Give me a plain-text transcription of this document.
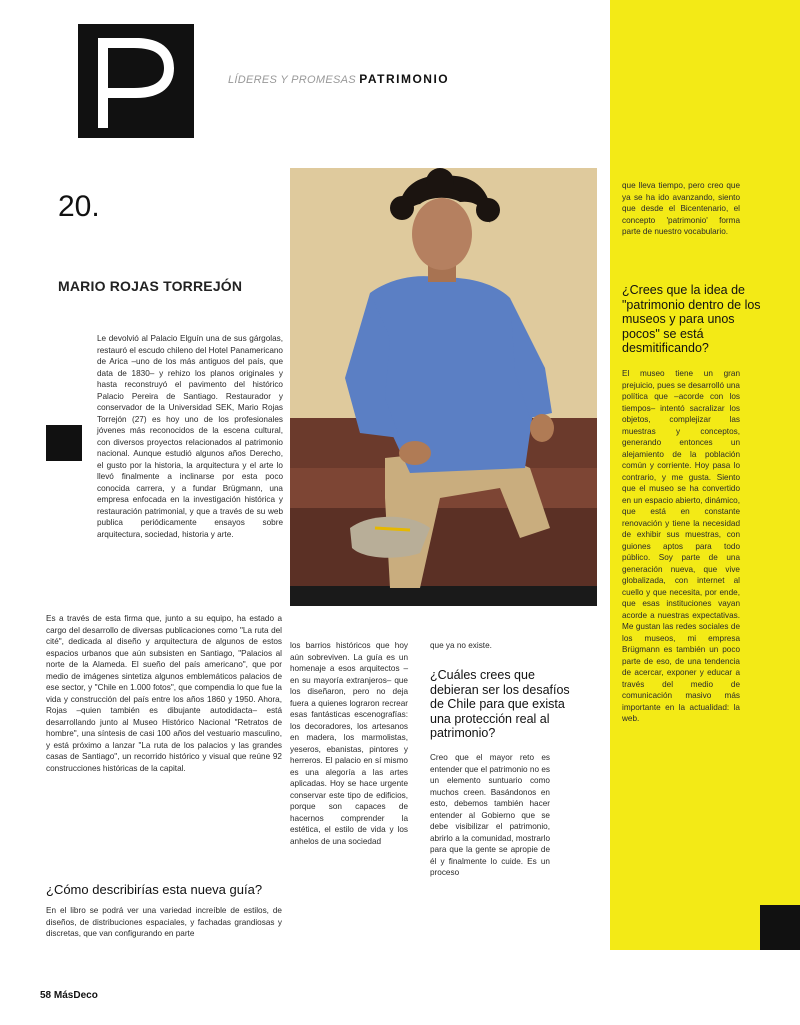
LÍDERES Y PROMESAS PATRIMONIO
20.
MARIO ROJAS TORREJÓN

Le devolvió al Palacio Elguín una de sus gárgolas, restauró el escudo chileno del Hotel Panamericano de Arica –uno de los más antiguos del país, que data de 1830– y rehizo los planos originales y hasta reconstruyó el pavimento del histórico Palacio Pereira de Santiago. Restaurador y conservador de la Universidad SEK, Mario Rojas Torrejón (27) es hoy uno de los profesionales jóvenes más reconocidos de la escena cultural, con diversos proyectos relacionados al patrimonio nacional. Aunque estudió algunos años Derecho, el gusto por la historia, la arquitectura y el arte lo llevó finalmente a inclinarse por esta poco conocida carrera, y a fundar Brügmann, una empresa enfocada en la investigación histórica y restauración patrimonial, y que a través de su web publica periódicamente ensayos sobre arquitectura, sociedad, historia y arte.

Es a través de esta firma que, junto a su equipo, ha estado a cargo del desarrollo de diversas publicaciones como "La ruta del cité", dedicada al diseño y arquitectura de algunos de estos espacios urbanos que aún subsisten en Santiago, "Palacios al norte de la Alameda. El sueño del país americano", que por medio de imágenes sintetiza algunos emblemáticos palacios de ese sector, y "Chile en 1.000 fotos", que compendia lo que fue la vida y construcción del país entre los años 1860 y 1950. Ahora, Rojas –quien también es dibujante autodidacta– está desarrollando junto al Museo Histórico Nacional "Retratos de hombre", una síntesis de casi 100 años del vestuario masculino, y está próximo a lanzar "La ruta de los palacios y las grandes casas de Santiago", un recorrido histórico y visual que reúne 92 construcciones históricas de la capital.

¿Cómo describirías esta nueva guía?

En el libro se podrá ver una variedad increíble de estilos, de diseños, de distribuciones espaciales, y fachadas grandiosas y discretas, que van configurando en parte

los barrios históricos que hoy aún sobreviven. La guía es un homenaje a esos arquitectos –en su mayoría extranjeros– que los diseñaron, pero no deja fuera a quienes lograron recrear esas fantásticas escenografías: los decoradores, los artesanos en madera, los marmolistas, yeseros, ebanistas, pintores y herreros. El palacio en sí mismo es una alegoría a las artes aplicadas. Hoy se hace urgente conservar este tipo de edificios, porque son capaces de hacernos comprender la estética, el estilo de vida y los anhelos de una sociedad

que ya no existe.

¿Cuáles crees que debieran ser los desafíos de Chile para que exista una protección real al patrimonio?

Creo que el mayor reto es entender que el patrimonio no es un elemento suntuario como muchos creen. Basándonos en esto, debemos también hacer entender al Gobierno que se debe visibilizar el patrimonio, abrirlo a la comunidad, mostrarlo para que la gente se apropie de él y finalmente lo cuide. Es un proceso

que lleva tiempo, pero creo que ya se ha ido avanzando, siento que desde el Bicentenario, el concepto 'patrimonio' forma parte de nuestro vocabulario.

¿Crees que la idea de "patrimonio dentro de los museos y para unos pocos" se está desmitificando?

El museo tiene un gran prejuicio, pues se desarrolló una política que –acorde con los tiempos– intentó sacralizar los objetos, complejizar las muestras y conceptos, generando entonces un alejamiento de la población común y corriente. Hoy pasa lo contrario, y me gusta. Siento que el museo se ha convertido en un espacio abierto, dinámico, que está en constante renovación y tiene la necesidad de exhibir sus muestras, con guiones aptos para todo público. Soy parte de una generación nueva, que vive globalizada, con internet al cuello y que necesita, por ende, que esas instituciones vayan acorde a nuestras expectativas. Me gustan las redes sociales de los museos, mi empresa Brügmann es también un poco parte de eso, de una tendencia de acercar, exponer y educar a través del medio de comunicación masivo más importante en la actualidad: la web.

58 MásDeco
